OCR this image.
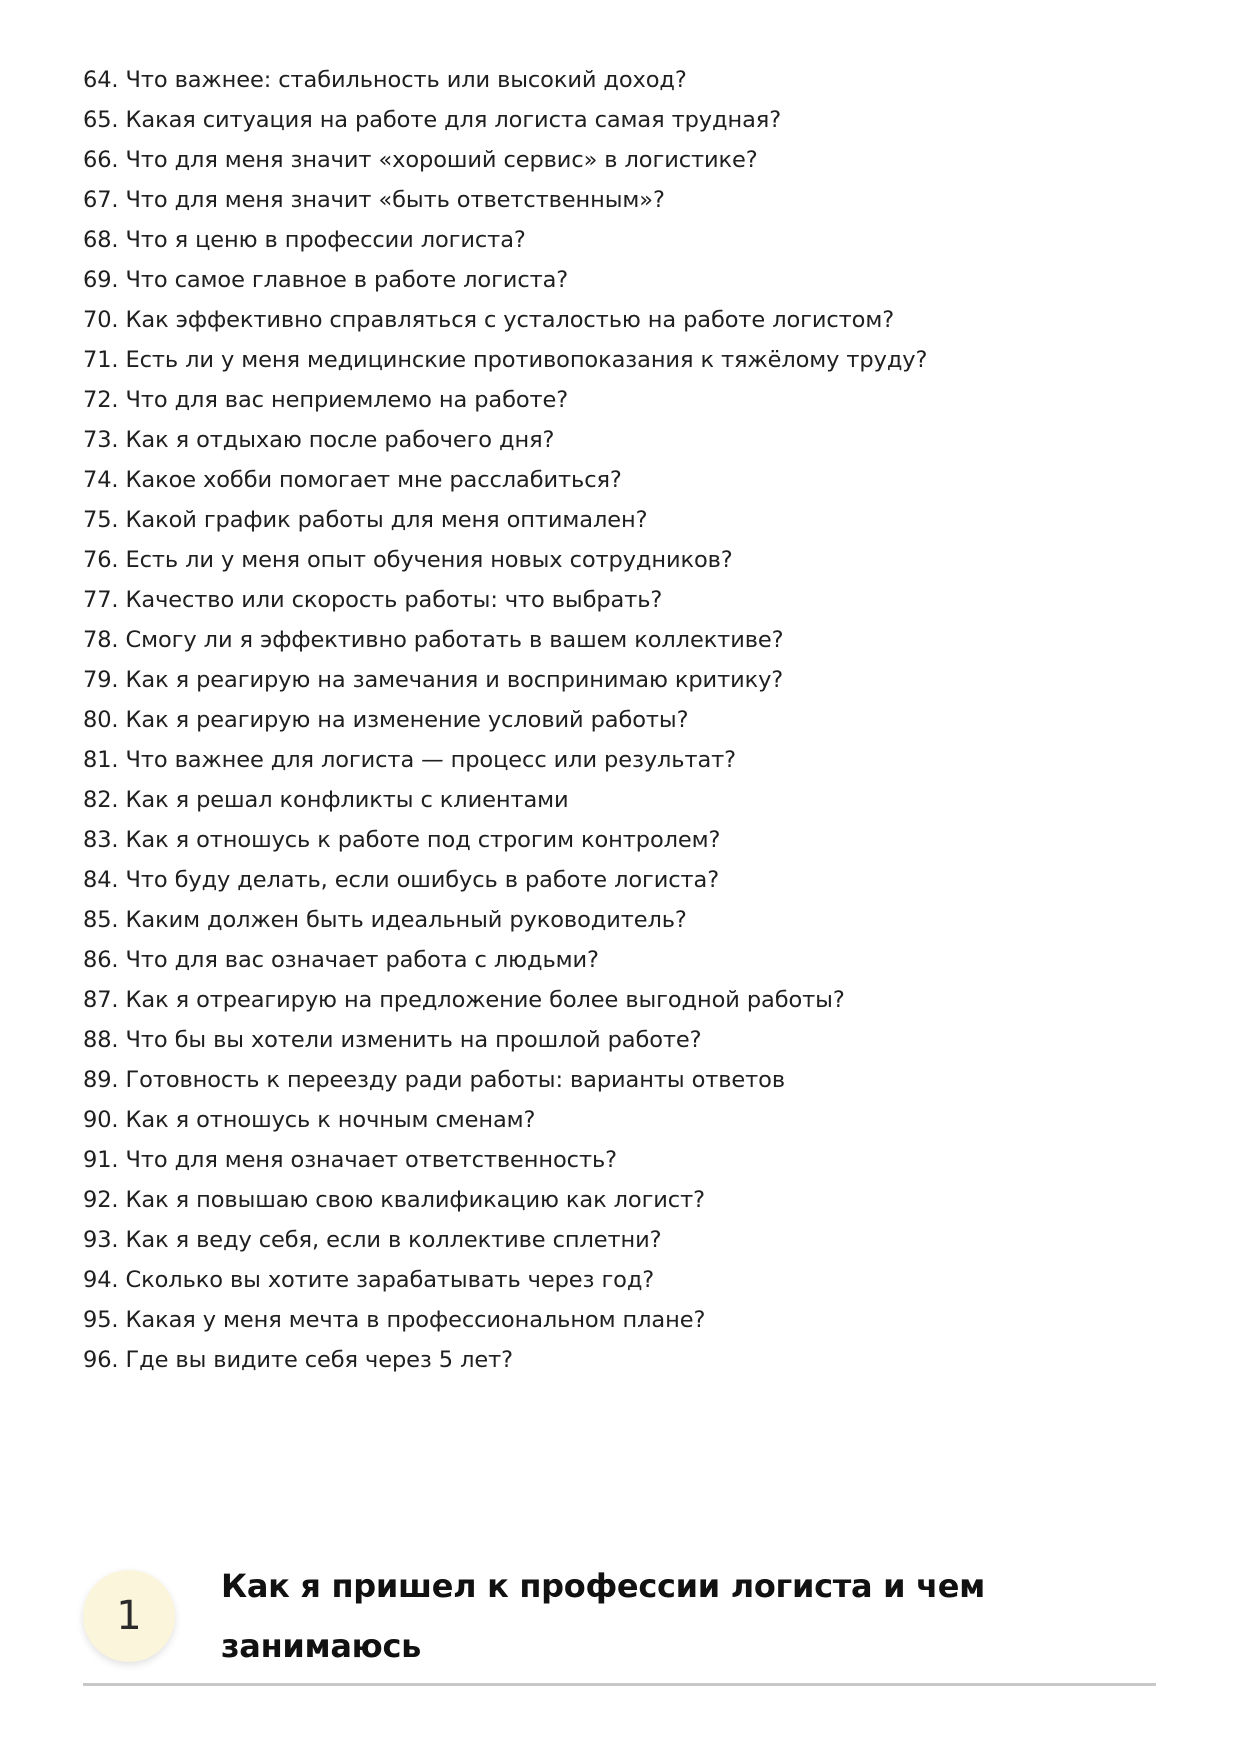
64. Что важнее: стабильность или высокий доход?
65. Какая ситуация на работе для логиста самая трудная?
66. Что для меня значит «хороший сервис» в логистике?
67. Что для меня значит «быть ответственным»?
68. Что я ценю в профессии логиста?
69. Что самое главное в работе логиста?
70. Как эффективно справляться с усталостью на работе логистом?
71. Есть ли у меня медицинские противопоказания к тяжёлому труду?
72. Что для вас неприемлемо на работе?
73. Как я отдыхаю после рабочего дня?
74. Какое хобби помогает мне расслабиться?
75. Какой график работы для меня оптимален?
76. Есть ли у меня опыт обучения новых сотрудников?
77. Качество или скорость работы: что выбрать?
78. Смогу ли я эффективно работать в вашем коллективе?
79. Как я реагирую на замечания и воспринимаю критику?
80. Как я реагирую на изменение условий работы?
81. Что важнее для логиста — процесс или результат?
82. Как я решал конфликты с клиентами
83. Как я отношусь к работе под строгим контролем?
84. Что буду делать, если ошибусь в работе логиста?
85. Каким должен быть идеальный руководитель?
86. Что для вас означает работа с людьми?
87. Как я отреагирую на предложение более выгодной работы?
88. Что бы вы хотели изменить на прошлой работе?
89. Готовность к переезду ради работы: варианты ответов
90. Как я отношусь к ночным сменам?
91. Что для меня означает ответственность?
92. Как я повышаю свою квалификацию как логист?
93. Как я веду себя, если в коллективе сплетни?
94. Сколько вы хотите зарабатывать через год?
95. Какая у меня мечта в профессиональном плане?
96. Где вы видите себя через 5 лет?
1
Как я пришел к профессии логиста и чем занимаюсь
